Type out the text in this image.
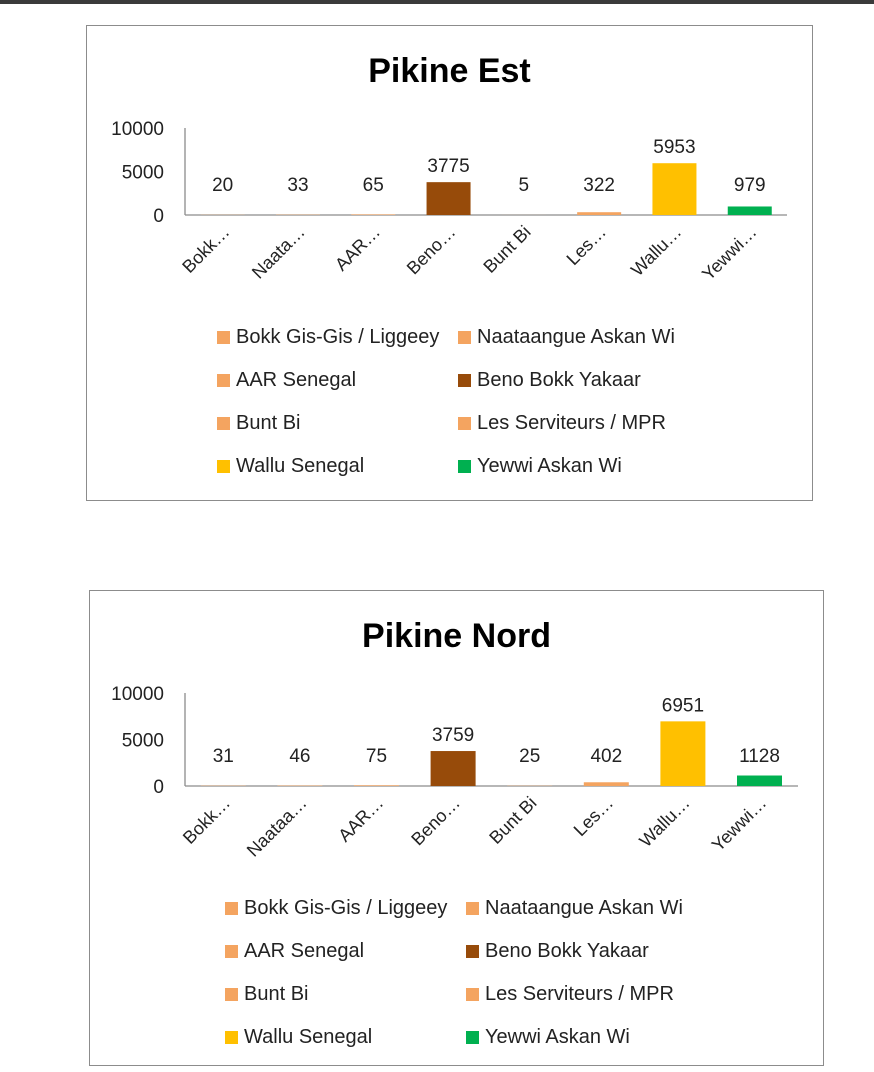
Pikine Est
0
5000
10000
20
Bokk…
33
Naata…
65
AAR…
3775
Beno…
5
Bunt Bi
322
Les…
5953
Wallu…
979
Yewwi…
Bokk Gis-Gis / Liggeey Naataangue Askan Wi
AAR Senegal	Beno Bokk Yakaar
Bunt Bi	Les Serviteurs / MPR
Wallu Senegal	Yewwi Askan Wi
Pikine Nord
0
5000
10000
31
Bokk…
46
Naataa…
75
AAR…
3759
Beno…
25
Bunt Bi
402
Les…
6951
Wallu…
1128
Yewwi…
Bokk Gis-Gis / Liggeey Naataangue Askan Wi
AAR Senegal	Beno Bokk Yakaar
Bunt Bi	Les Serviteurs / MPR
Wallu Senegal	Yewwi Askan Wi
